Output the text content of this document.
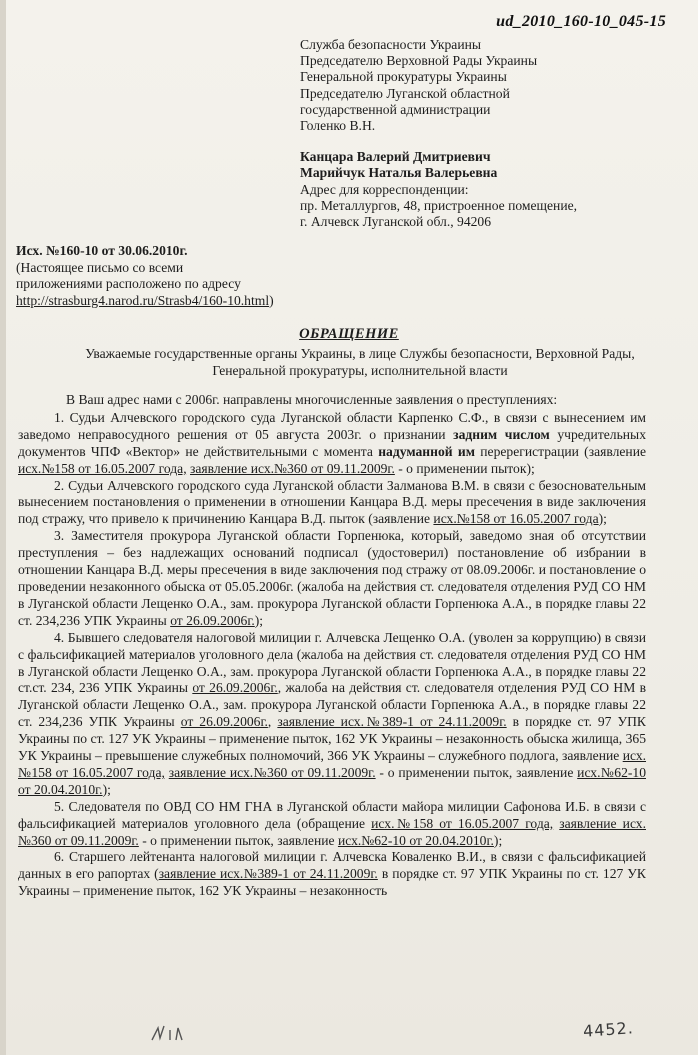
ud_2010_160-10_045-15
Служба безопасности Украины
Председателю Верховной Рады Украины
Генеральной прокуратуры Украины
Председателю Луганской областной
государственной администрации
Голенко В.Н.
Канцара Валерий Дмитриевич
Марийчук Наталья Валерьевна
Адрес для корреспонденции:
пр. Металлургов, 48, пристроенное помещение,
г. Алчевск Луганской обл., 94206
Исх. №160-10 от 30.06.2010г.
(Настоящее письмо со всеми
приложениями расположено по адресу
http://strasburg4.narod.ru/Strasb4/160-10.html)
ОБРАЩЕНИЕ
Уважаемые государственные органы Украины, в лице Службы безопасности, Верховной Рады, Генеральной прокуратуры, исполнительной власти

В Ваш адрес нами с 2006г. направлены многочисленные заявления о преступлениях:

1. Судьи Алчевского городского суда Луганской области Карпенко С.Ф., в связи с вынесением им заведомо неправосудного решения от 05 августа 2003г. о признании задним числом учредительных документов ЧПФ «Вектор» не действительными с момента надуманной им перерегистрации (заявление исх.№158 от 16.05.2007 года, заявление исх.№360 от 09.11.2009г. - о применении пыток);

2. Судьи Алчевского городского суда Луганской области Залманова В.М. в связи с безосновательным вынесением постановления о применении в отношении Канцара В.Д. меры пресечения в виде заключения под стражу, что привело к причинению Канцара В.Д. пыток (заявление исх.№158 от 16.05.2007 года);

3. Заместителя прокурора Луганской области Горпенюка, который, заведомо зная об отсутствии преступления – без надлежащих оснований подписал (удостоверил) постановление об избрании в отношении Канцара В.Д. меры пресечения в виде заключения под стражу от 08.09.2006г. и постановление о проведении незаконного обыска от 05.05.2006г. (жалоба на действия ст. следователя отделения РУД СО НМ в Луганской области Лещенко О.А., зам. прокурора Луганской области Горпенюка А.А., в порядке главы 22 ст. 234,236 УПК Украины от 26.09.2006г.);

4. Бывшего следователя налоговой милиции г. Алчевска Лещенко О.А. (уволен за коррупцию) в связи с фальсификацией материалов уголовного дела (жалоба на действия ст. следователя отделения РУД СО НМ в Луганской области Лещенко О.А., зам. прокурора Луганской области Горпенюка А.А., в порядке главы 22 ст.ст. 234, 236 УПК Украины от 26.09.2006г., жалоба на действия ст. следователя отделения РУД СО НМ в Луганской области Лещенко О.А., зам. прокурора Луганской области Горпенюка А.А., в порядке главы 22 ст. 234,236 УПК Украины от 26.09.2006г., заявление исх.№389-1 от 24.11.2009г. в порядке ст. 97 УПК Украины по ст. 127 УК Украины – применение пыток, 162 УК Украины – незаконность обыска жилища, 365 УК Украины – превышение служебных полномочий, 366 УК Украины – служебного подлога, заявление исх.№158 от 16.05.2007 года, заявление исх.№360 от 09.11.2009г. - о применении пыток, заявление исх.№62-10 от 20.04.2010г.);

5. Следователя по ОВД СО НМ ГНА в Луганской области майора милиции Сафонова И.Б. в связи с фальсификацией материалов уголовного дела (обращение исх.№158 от 16.05.2007 года, заявление исх.№360 от 09.11.2009г. - о применении пыток, заявление исх.№62-10 от 20.04.2010г.);

6. Старшего лейтенанта налоговой милиции г. Алчевска Коваленко В.И., в связи с фальсификацией данных в его рапортах (заявление исх.№389-1 от 24.11.2009г. в порядке ст. 97 УПК Украины по ст. 127 УК Украины – применение пыток, 162 УК Украины – незаконность

4452.
